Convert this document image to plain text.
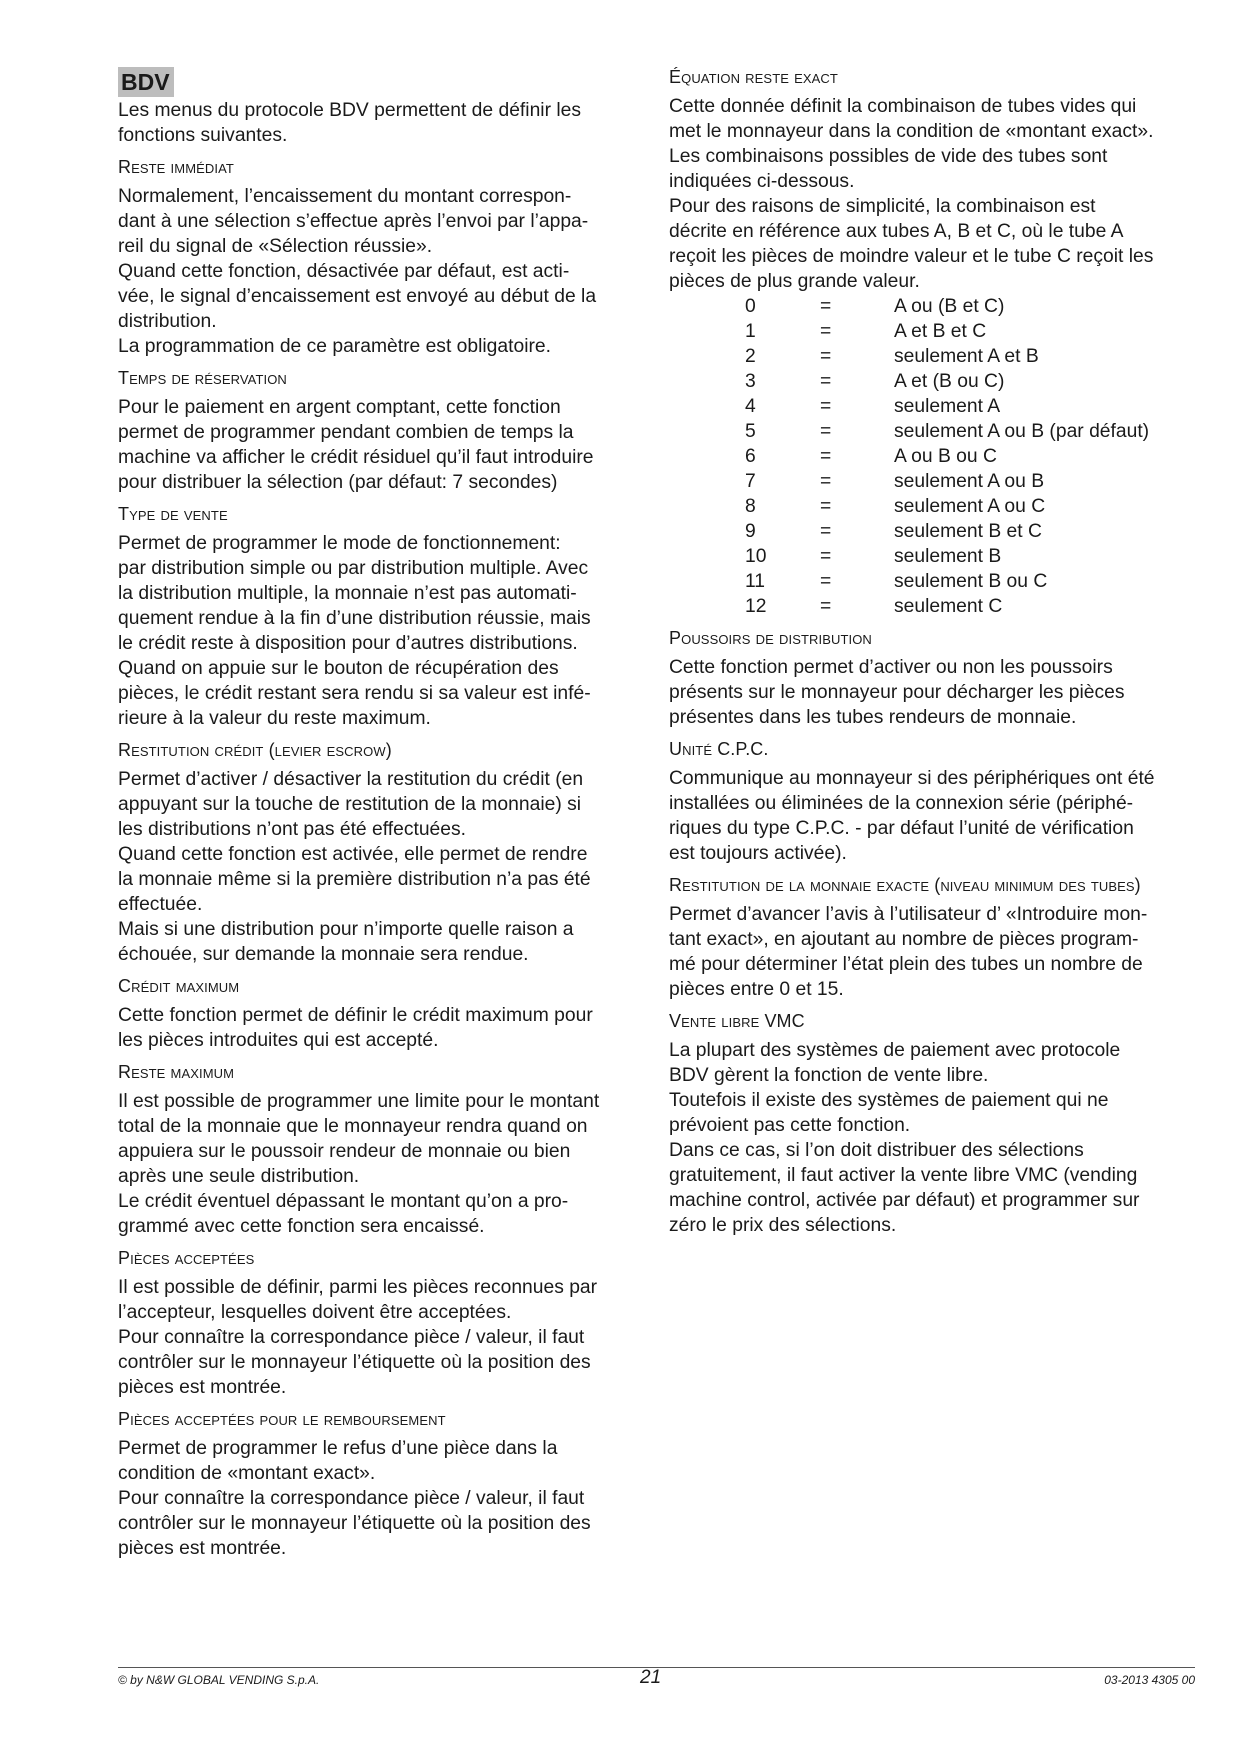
BDV
Les menus du protocole BDV permettent de définir les
fonctions suivantes.
Reste immédiat
Normalement, l’encaissement du montant correspon-
dant à une sélection s’effectue après l’envoi par l’appa-
reil du signal de «Sélection réussie».
Quand cette fonction, désactivée par défaut, est acti-
vée, le signal d’encaissement est envoyé au début de la
distribution.
La programmation de ce paramètre est obligatoire.
Temps de réservation
Pour le paiement en argent comptant, cette fonction
permet de programmer pendant combien de temps la
machine va afficher le crédit résiduel qu’il faut introduire
pour distribuer la sélection (par défaut: 7 secondes)
Type de vente
Permet de programmer le mode de fonctionnement:
par distribution simple ou par distribution multiple. Avec
la distribution multiple, la monnaie n’est pas automati-
quement rendue à la fin d’une distribution réussie, mais
le crédit reste à disposition pour d’autres distributions.
Quand on appuie sur le bouton de récupération des
pièces, le crédit restant sera rendu si sa valeur est infé-
rieure à la valeur du reste maximum.
Restitution crédit (levier escrow)
Permet d’activer / désactiver la restitution du crédit (en
appuyant sur la touche de restitution de la monnaie) si
les distributions n’ont pas été effectuées.
Quand cette fonction est activée, elle permet de rendre
la monnaie même si la première distribution n’a pas été
effectuée.
Mais si une distribution pour n’importe quelle raison a
échouée, sur demande la monnaie sera rendue.
Crédit maximum
Cette fonction permet de définir le crédit maximum pour
les pièces introduites qui est accepté.
Reste maximum
Il est possible de programmer une limite pour le montant
total de la monnaie que le monnayeur rendra quand on
appuiera sur le poussoir rendeur de monnaie ou bien
après une seule distribution.
Le crédit éventuel dépassant le montant qu’on a pro-
grammé avec cette fonction sera encaissé.
Pièces acceptées
Il est possible de définir, parmi les pièces reconnues par
l’accepteur, lesquelles doivent être acceptées.
Pour connaître la correspondance pièce / valeur, il faut
contrôler sur le monnayeur l’étiquette où la position des
pièces est montrée.
Pièces acceptées pour le remboursement
Permet de programmer le refus d’une pièce dans la
condition de «montant exact».
Pour connaître la correspondance pièce / valeur, il faut
contrôler sur le monnayeur l’étiquette où la position des
pièces est montrée.
Équation reste exact
Cette donnée définit la combinaison de tubes vides qui
met le monnayeur dans la condition de «montant exact».
Les combinaisons possibles de vide des tubes sont
indiquées ci-dessous.
Pour des raisons de simplicité, la combinaison est
décrite en référence aux tubes A, B et C, où le tube A
reçoit les pièces de moindre valeur et le tube C reçoit les
pièces de plus grande valeur.
0	=	A ou (B et C)
1	=	A et B et C
2	=	seulement A et B
3	=	A et (B ou C)
4	=	seulement A
5	=	seulement A ou B (par défaut)
6	=	A ou B ou C
7	=	seulement A ou B
8	=	seulement A ou C
9	=	seulement B et C
10	=	seulement B
11	=	seulement B ou C
12	=	seulement C
Poussoirs de distribution
Cette fonction permet d’activer ou non les poussoirs
présents sur le monnayeur pour décharger les pièces
présentes dans les tubes rendeurs de monnaie.
Unité C.P.C.
Communique au monnayeur si des périphériques ont été
installées ou éliminées de la connexion série (périphé-
riques du type C.P.C. - par défaut l’unité de vérification
est toujours activée).
Restitution de la monnaie exacte (niveau minimum des tubes)
Permet d’avancer l’avis à l’utilisateur d’ «Introduire mon-
tant exact», en ajoutant au nombre de pièces program-
mé pour déterminer l’état plein des tubes un nombre de
pièces entre 0 et 15.
Vente libre VMC
La plupart des systèmes de paiement avec protocole
BDV gèrent la fonction de vente libre.
Toutefois il existe des systèmes de paiement qui ne
prévoient pas cette fonction.
Dans ce cas, si l’on doit distribuer des sélections
gratuitement, il faut activer la vente libre VMC (vending
machine control, activée par défaut) et programmer sur
zéro le prix des sélections.
© by N&W GLOBAL VENDING S.p.A.	21	03-2013 4305 00
